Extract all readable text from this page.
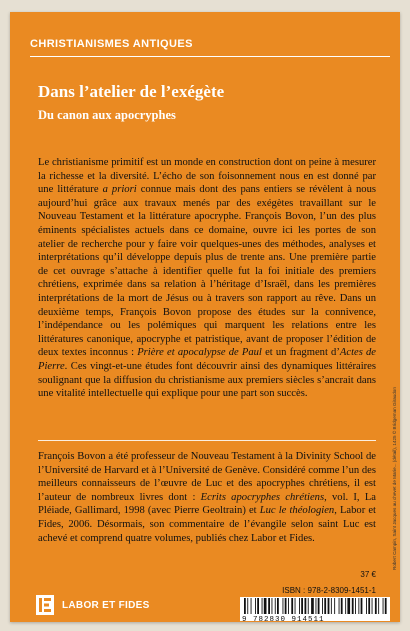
CHRISTIANISMES ANTIQUES
Dans l’atelier de l’exégète
Du canon aux apocryphes

Le christianisme primitif est un monde en construction dont on peine à mesurer la richesse et la diversité. L’écho de son foisonnement nous en est donné par une littérature a priori connue mais dont des pans entiers se révèlent à nous aujourd’hui grâce aux travaux menés par des exégètes travaillant sur le Nouveau Testament et la littérature apocryphe. François Bovon, l’un des plus éminents spécialistes actuels dans ce domaine, ouvre ici les portes de son atelier de recherche pour y faire voir quelques-unes des méthodes, analyses et interprétations qu’il développe depuis plus de trente ans. Une première partie de cet ouvrage s’attache à identifier quelle fut la foi initiale des premiers chrétiens, exprimée dans sa relation à l’héritage d’Israël, dans les premières interprétations de la mort de Jésus ou à travers son rapport au rêve. Dans un deuxième temps, François Bovon propose des études sur la connivence, l’indépendance ou les polémiques qui marquent les relations entre les littératures canonique, apocryphe et patristique, avant de proposer l’édition de deux textes inconnus : Prière et apocalypse de Paul et un fragment d’Actes de Pierre. Ces vingt-et-une études font découvrir ainsi des dynamiques littéraires soulignant que la diffusion du christianisme aux premiers siècles s’ancrait dans une vitalité intellectuelle qui explique pour une part son succès.

François Bovon a été professeur de Nouveau Testament à la Divinity School de l’Université de Harvard et à l’Université de Genève. Considéré comme l’un des meilleurs connaisseurs de l’œuvre de Luc et des apocryphes chrétiens, il est l’auteur de nombreux livres dont : Ecrits apocryphes chrétiens, vol. I, La Pléiade, Gallimard, 1998 (avec Pierre Geoltrain) et Luc le théologien, Labor et Fides, 2006. Désormais, son commentaire de l’évangile selon saint Luc est achevé et comprend quatre volumes, publiés chez Labor et Fides.

37 €
ISBN : 978-2-8309-1451-1
9 782830 914511
LABOR ET FIDES
Robert Campin, Saint Jacques au chevet de Marie... (détail), 1425 © Bridgeman Giraudon
